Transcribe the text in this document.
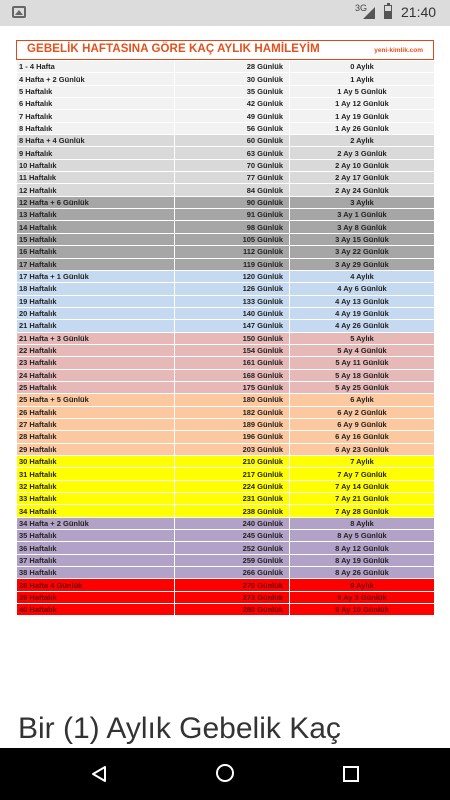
3G 21:40
GEBELİK HAFTASINA GÖRE KAÇ AYLIK HAMİLEYİM	yeni-kimlik.com
1 - 4 Hafta	28 Günlük	0 Aylık
4 Hafta + 2 Günlük	30 Günlük	1 Aylık
5 Haftalık	35 Günlük	1 Ay 5 Günlük
6 Haftalık	42 Günlük	1 Ay 12 Günlük
7 Haftalık	49 Günlük	1 Ay 19 Günlük
8 Haftalık	56 Günlük	1 Ay 26 Günlük
8 Hafta + 4 Günlük	60 Günlük	2 Aylık
9 Haftalık	63 Günlük	2 Ay 3 Günlük
10 Haftalık	70 Günlük	2 Ay 10 Günlük
11 Haftalık	77 Günlük	2 Ay 17 Günlük
12 Haftalık	84 Günlük	2 Ay 24 Günlük
12 Hafta + 6 Günlük	90 Günlük	3 Aylık
13 Haftalık	91 Günlük	3 Ay 1 Günlük
14 Haftalık	98 Günlük	3 Ay 8 Günlük
15 Haftalık	105 Günlük	3 Ay 15 Günlük
16 Haftalık	112 Günlük	3 Ay 22 Günlük
17 Haftalık	119 Günlük	3 Ay 29 Günlük
17 Hafta + 1 Günlük	120 Günlük	4 Aylık
18 Haftalık	126 Günlük	4 Ay 6 Günlük
19 Haftalık	133 Günlük	4 Ay 13 Günlük
20 Haftalık	140 Günlük	4 Ay 19 Günlük
21 Haftalık	147 Günlük	4 Ay 26 Günlük
21 Hafta + 3 Günlük	150 Günlük	5 Aylık
22 Haftalık	154 Günlük	5 Ay 4 Günlük
23 Haftalık	161 Günlük	5 Ay 11 Günlük
24 Haftalık	168 Günlük	5 Ay 18 Günlük
25 Haftalık	175 Günlük	5 Ay 25 Günlük
25 Hafta + 5 Günlük	180 Günlük	6 Aylık
26 Haftalık	182 Günlük	6 Ay 2 Günlük
27 Haftalık	189 Günlük	6 Ay 9 Günlük
28 Haftalık	196 Günlük	6 Ay 16 Günlük
29 Haftalık	203 Günlük	6 Ay 23 Günlük
30 Haftalık	210 Günlük	7 Aylık
31 Haftalık	217 Günlük	7 Ay 7 Günlük
32 Haftalık	224 Günlük	7 Ay 14 Günlük
33 Haftalık	231 Günlük	7 Ay 21 Günlük
34 Haftalık	238 Günlük	7 Ay 28 Günlük
34 Hafta + 2 Günlük	240 Günlük	8 Aylık
35 Haftalık	245 Günlük	8 Ay 5 Günlük
36 Haftalık	252 Günlük	8 Ay 12 Günlük
37 Haftalık	259 Günlük	8 Ay 19 Günlük
38 Haftalık	266 Günlük	8 Ay 26 Günlük
38 Hafta 4 Günlük	270 Günlük	9 Aylık
39 Haftalık	273 Günlük	9 Ay 3 Günlük
40 Haftalık	280 Günlük	9 Ay 10 Günlük
Bir (1) Aylık Gebelik Kaç
